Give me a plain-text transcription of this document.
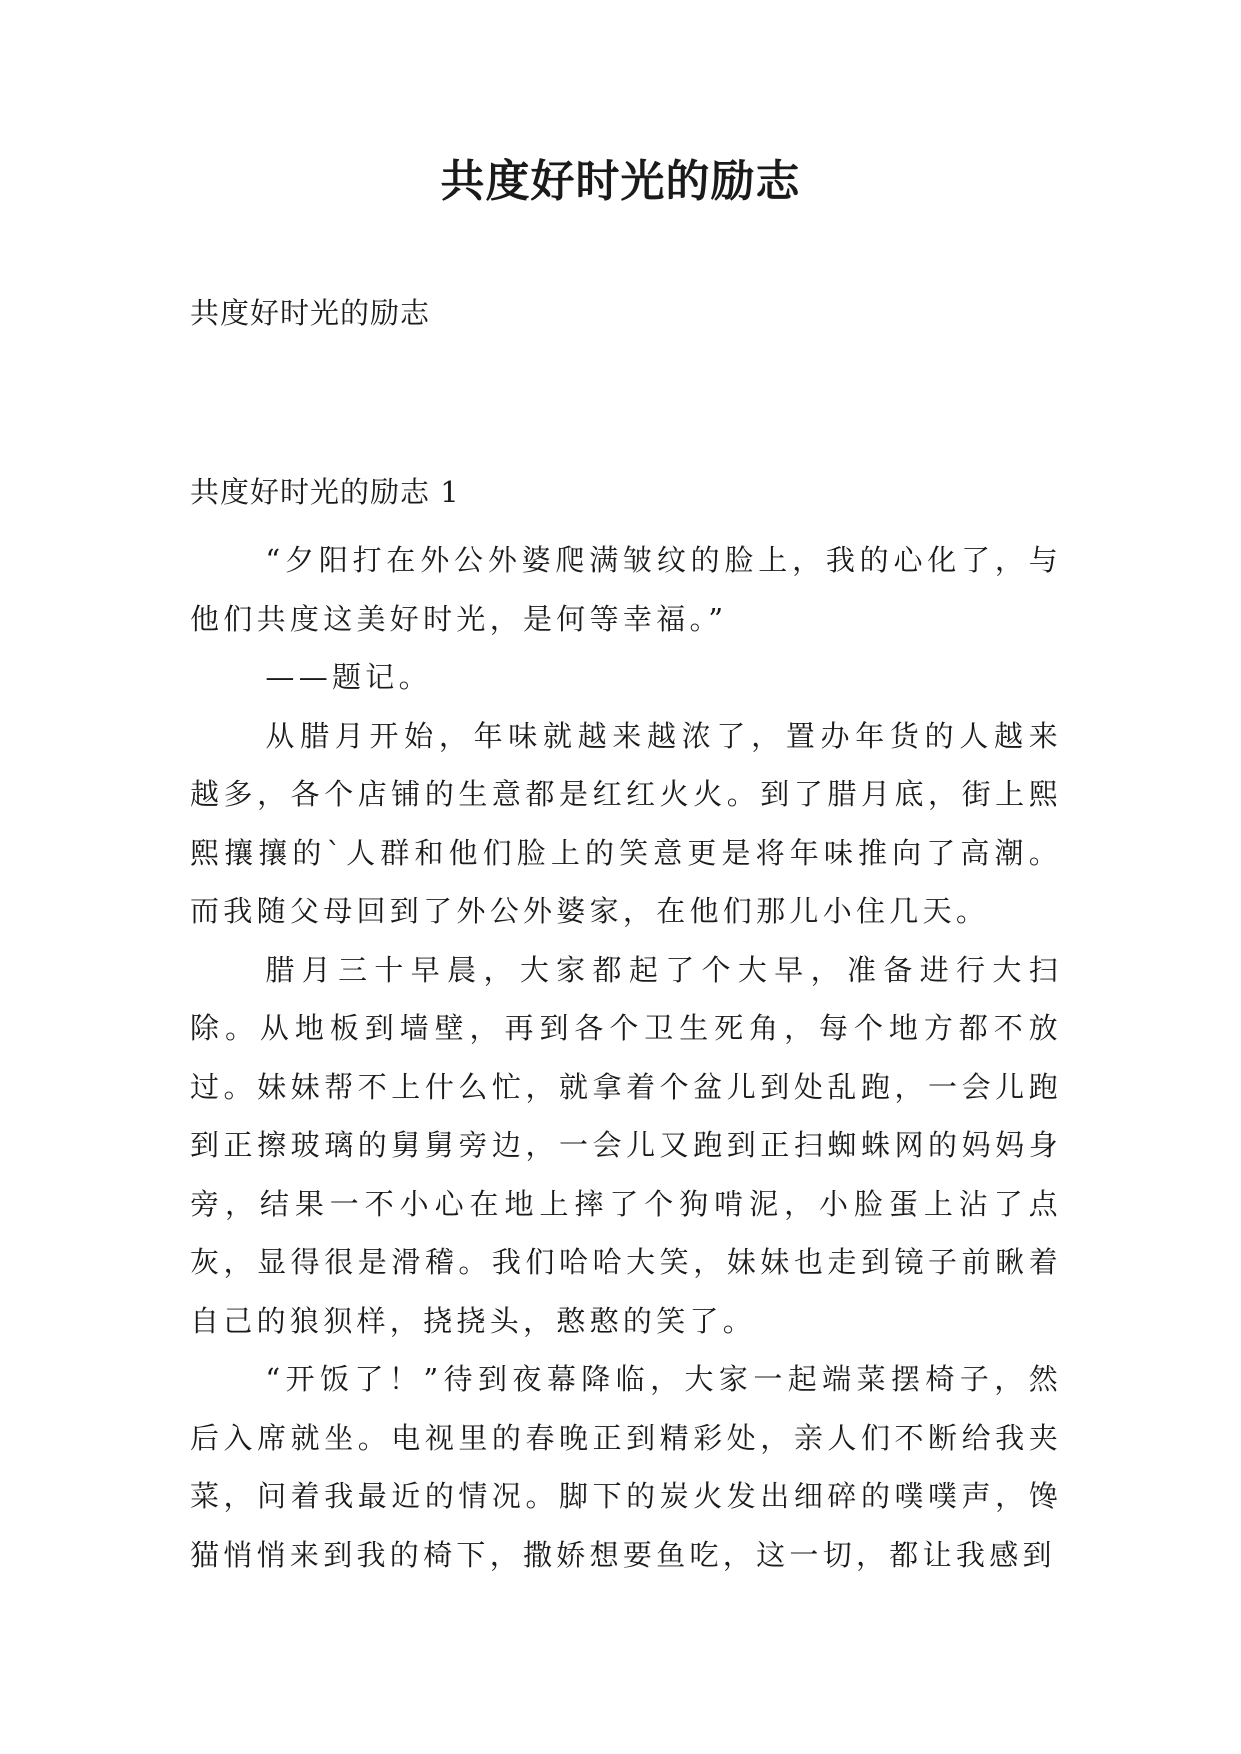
共度好时光的励志
共度好时光的励志
共度好时光的励志 1

“夕阳打在外公外婆爬满皱纹的脸上，我的心化了，与他们共度这美好时光，是何等幸福。”

——题记。

从腊月开始，年味就越来越浓了，置办年货的人越来越多，各个店铺的生意都是红红火火。到了腊月底，街上熙熙攘攘的`人群和他们脸上的笑意更是将年味推向了高潮。而我随父母回到了外公外婆家，在他们那儿小住几天。

腊月三十早晨，大家都起了个大早，准备进行大扫除。从地板到墙壁，再到各个卫生死角，每个地方都不放过。妹妹帮不上什么忙，就拿着个盆儿到处乱跑，一会儿跑到正擦玻璃的舅舅旁边，一会儿又跑到正扫蜘蛛网的妈妈身旁，结果一不小心在地上摔了个狗啃泥，小脸蛋上沾了点灰，显得很是滑稽。我们哈哈大笑，妹妹也走到镜子前瞅着自己的狼狈样，挠挠头，憨憨的笑了。

“开饭了！”待到夜幕降临，大家一起端菜摆椅子，然后入席就坐。电视里的春晚正到精彩处，亲人们不断给我夹菜，问着我最近的情况。脚下的炭火发出细碎的噗噗声，馋猫悄悄来到我的椅下，撒娇想要鱼吃，这一切，都让我感到
